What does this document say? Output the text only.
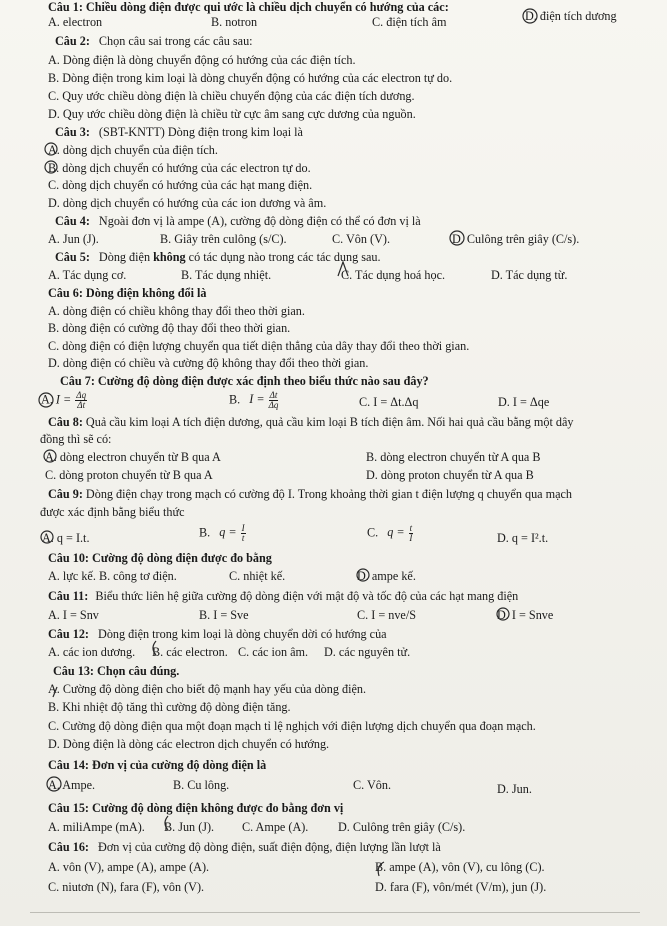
Câu 1: Chiều dòng điện được qui ước là chiều dịch chuyển có hướng của các:
A. electron	B. notron	C. điện tích âm	D. điện tích dương
Câu 2: Chọn câu sai trong các câu sau:
A. Dòng điện là dòng chuyển động có hướng của các điện tích.
B. Dòng điện trong kim loại là dòng chuyển động có hướng của các electron tự do.
C. Quy ước chiều dòng điện là chiều chuyển động của các điện tích dương.
D. Quy ước chiều dòng điện là chiều từ cực âm sang cực dương của nguồn.
Câu 3: (SBT-KNTT) Dòng điện trong kim loại là
A. dòng dịch chuyển của điện tích.
B. dòng dịch chuyển có hướng của các electron tự do.
C. dòng dịch chuyển có hướng của các hạt mang điện.
D. dòng dịch chuyển có hướng của các ion dương và âm.
Câu 4: Ngoài đơn vị là ampe (A), cường độ dòng điện có thể có đơn vị là
A. Jun (J).	B. Giây trên culông (s/C).	C. Vôn (V).	D. Culông trên giây (C/s).
Câu 5: Dòng điện không có tác dụng nào trong các tác dụng sau.
A. Tác dụng cơ.	B. Tác dụng nhiệt.	C. Tác dụng hoá học.	D. Tác dụng từ.
Câu 6: Dòng điện không đổi là
A. dòng điện có chiều không thay đổi theo thời gian.
B. dòng điện có cường độ thay đổi theo thời gian.
C. dòng điện có điện lượng chuyển qua tiết diện thẳng của dây thay đổi theo thời gian.
D. dòng điện có chiều và cường độ không thay đổi theo thời gian.
Câu 7: Cường độ dòng điện được xác định theo biểu thức nào sau đây?
A. $I = \frac{\Delta q}{\Delta t}$	B. $I = \frac{\Delta t}{\Delta q}$	C. I = Δt.Δq	D. I = Δqe
Câu 8: Quả cầu kim loại A tích điện dương, quả cầu kim loại B tích điện âm. Nối hai quả cầu bằng một dây
đồng thì sẽ có:
A. dòng electron chuyển từ B qua A	B. dòng electron chuyển từ A qua B
C. dòng proton chuyển từ B qua A	D. dòng proton chuyển từ A qua B
Câu 9: Dòng điện chạy trong mạch có cường độ I. Trong khoảng thời gian t điện lượng q chuyển qua mạch
được xác định bằng biểu thức
A. q = I.t.	B. $q = \frac{I}{t}$	C. $q = \frac{t}{I}$	D. q = I².t.
Câu 10: Cường độ dòng điện được đo bằng
A. lực kế. B. công tơ điện.	C. nhiệt kế.	D. ampe kế.
Câu 11: Biểu thức liên hệ giữa cường độ dòng điện với mật độ và tốc độ của các hạt mang điện
A. I = Snv	B. I = Sve	C. I = nve/S	D. I = Snve
Câu 12: Dòng điện trong kim loại là dòng chuyển dời có hướng của
A. các ion dương. B. các electron. C. các ion âm. D. các nguyên tử.
Câu 13: Chọn câu đúng.
A. Cường độ dòng điện cho biết độ mạnh hay yếu của dòng điện.
B. Khi nhiệt độ tăng thì cường độ dòng điện tăng.
C. Cường độ dòng điện qua một đoạn mạch tỉ lệ nghịch với điện lượng dịch chuyển qua đoạn mạch.
D. Dòng điện là dòng các electron dịch chuyển có hướng.
Câu 14: Đơn vị của cường độ dòng điện là
A. Ampe.	B. Cu lông.	C. Vôn.	D. Jun.
Câu 15: Cường độ dòng điện không được đo bằng đơn vị
A. miliAmpe (mA). B. Jun (J). C. Ampe (A). D. Culông trên giây (C/s).
Câu 16: Đơn vị của cường độ dòng điện, suất điện động, điện lượng lần lượt là
A. vôn (V), ampe (A), ampe (A).	B. ampe (A), vôn (V), cu lông (C).
C. niutơn (N), fara (F), vôn (V).	D. fara (F), vôn/mét (V/m), jun (J).
